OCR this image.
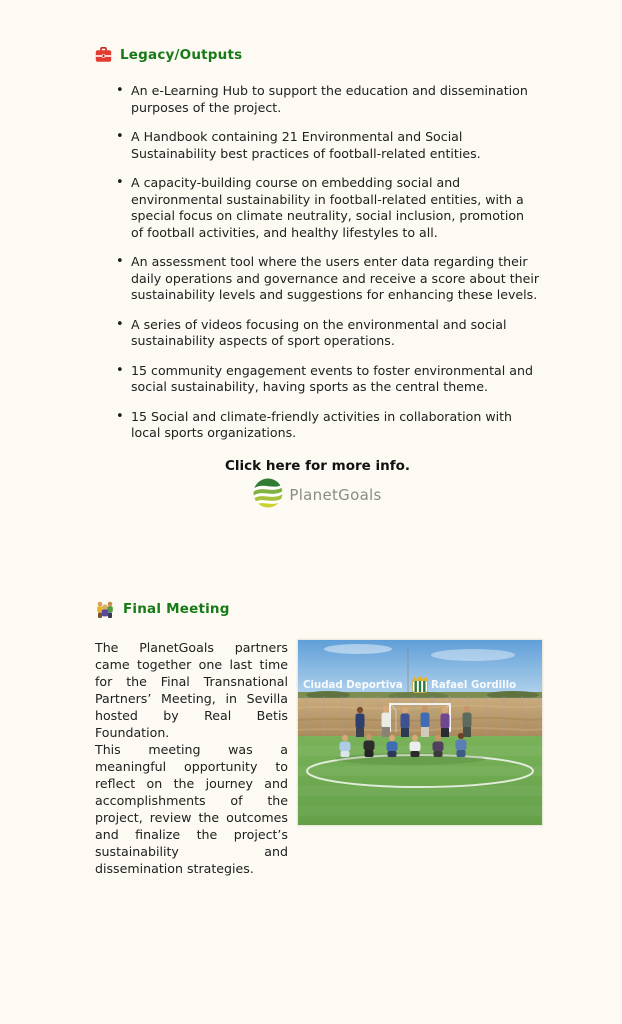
Legacy/Outputs
• An e-Learning Hub to support the education and dissemination purposes of the project.
• A Handbook containing 21 Environmental and Social Sustainability best practices of football-related entities.
• A capacity-building course on embedding social and environmental sustainability in football-related entities, with a special focus on climate neutrality, social inclusion, promotion of football activities, and healthy lifestyles to all.
• An assessment tool where the users enter data regarding their daily operations and governance and receive a score about their sustainability levels and suggestions for enhancing these levels.
• A series of videos focusing on the environmental and social sustainability aspects of sport operations.
• 15 community engagement events to foster environmental and social sustainability, having sports as the central theme.
• 15 Social and climate-friendly activities in collaboration with local sports organizations.
Click here for more info.
PlanetGoals
Final Meeting

The PlanetGoals partners came together one last time for the Final Transnational Partners’ Meeting, in Sevilla hosted by Real Betis Foundation.

This meeting was a meaningful opportunity to reflect on the journey and accomplishments of the project, review the outcomes and finalize the project’s sustainability and dissemination strategies.

Ciudad Deportiva	Rafael Gordillo
